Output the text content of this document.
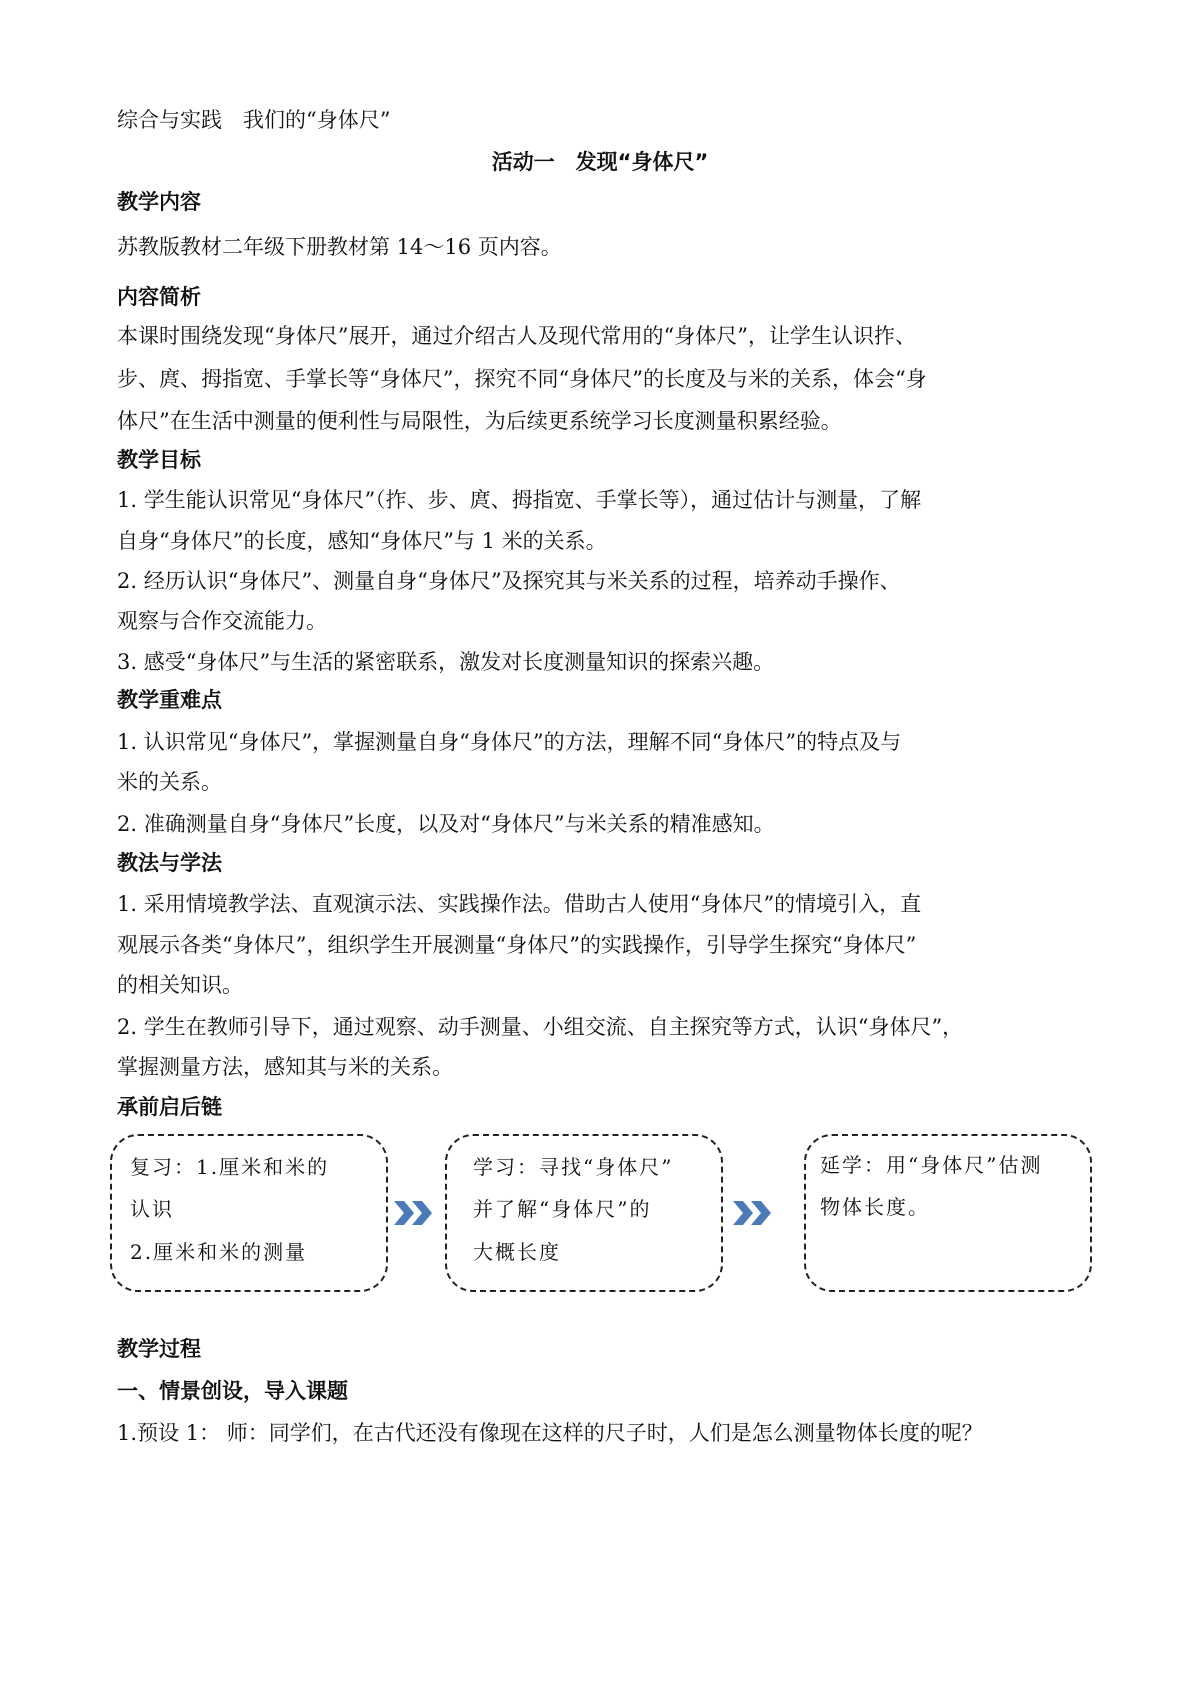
综合与实践　我们的“身体尺”
活动一　发现“身体尺”
教学内容
苏教版教材二年级下册教材第 14～16 页内容。
内容简析
本课时围绕发现“身体尺”展开，通过介绍古人及现代常用的“身体尺”，让学生认识拃、
步、庹、拇指宽、手掌长等“身体尺”，探究不同“身体尺”的长度及与米的关系，体会“身
体尺”在生活中测量的便利性与局限性，为后续更系统学习长度测量积累经验。
教学目标
1. 学生能认识常见“身体尺”（拃、步、庹、拇指宽、手掌长等），通过估计与测量，了解
自身“身体尺”的长度，感知“身体尺”与 1 米的关系。
2. 经历认识“身体尺”、测量自身“身体尺”及探究其与米关系的过程，培养动手操作、
观察与合作交流能力。
3. 感受“身体尺”与生活的紧密联系，激发对长度测量知识的探索兴趣。
教学重难点
1. 认识常见“身体尺”，掌握测量自身“身体尺”的方法，理解不同“身体尺”的特点及与
米的关系。
2. 准确测量自身“身体尺”长度，以及对“身体尺”与米关系的精准感知。
教法与学法
1. 采用情境教学法、直观演示法、实践操作法。借助古人使用“身体尺”的情境引入，直
观展示各类“身体尺”，组织学生开展测量“身体尺”的实践操作，引导学生探究“身体尺”
的相关知识。
2. 学生在教师引导下，通过观察、动手测量、小组交流、自主探究等方式，认识“身体尺”，
掌握测量方法，感知其与米的关系。
承前启后链
复习：1.厘米和米的
认识
2.厘米和米的测量
学习：寻找“身体尺”
并了解“身体尺”的
大概长度
延学：用“身体尺”估测
物体长度。
教学过程
一、情景创设，导入课题
1.预设 1： 师：同学们，在古代还没有像现在这样的尺子时，人们是怎么测量物体长度的呢？
